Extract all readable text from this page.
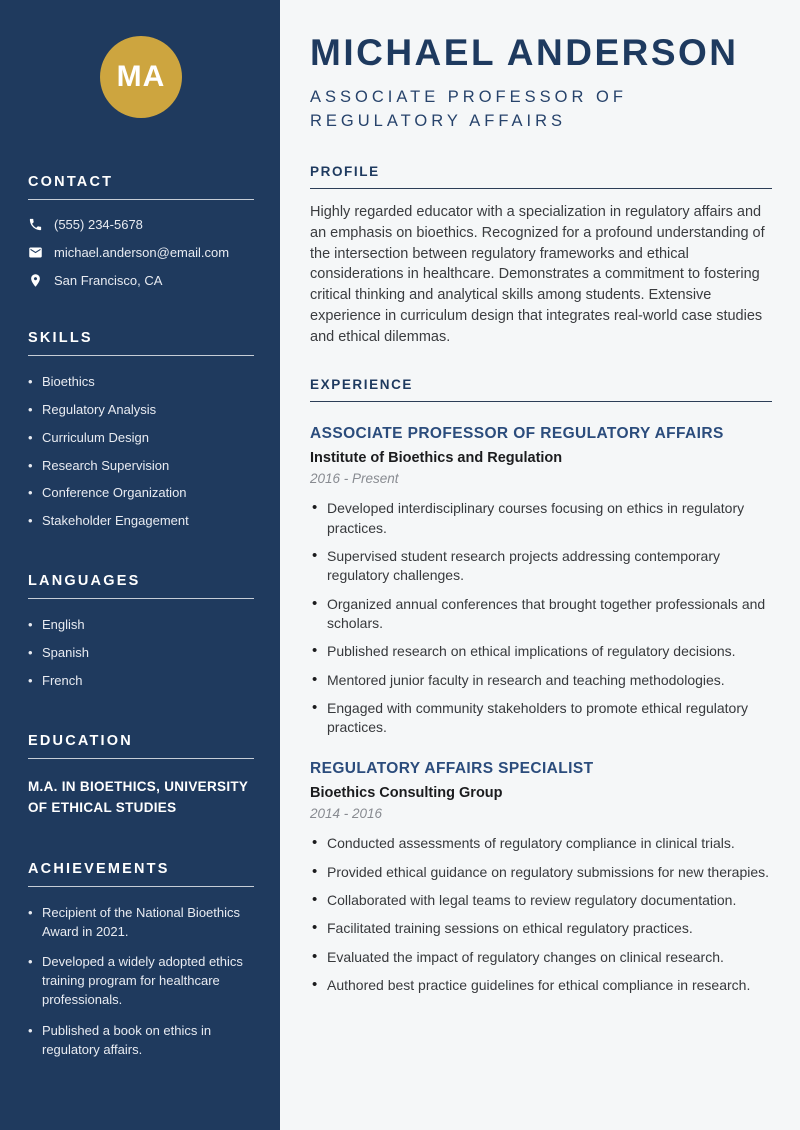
MA
CONTACT
(555) 234-5678
michael.anderson@email.com
San Francisco, CA
SKILLS
• Bioethics
• Regulatory Analysis
• Curriculum Design
• Research Supervision
• Conference Organization
• Stakeholder Engagement
LANGUAGES
• English
• Spanish
• French
EDUCATION
M.A. IN BIOETHICS, UNIVERSITY OF ETHICAL STUDIES
ACHIEVEMENTS
• Recipient of the National Bioethics Award in 2021.
• Developed a widely adopted ethics training program for healthcare professionals.
• Published a book on ethics in regulatory affairs.
MICHAEL ANDERSON
ASSOCIATE PROFESSOR OF REGULATORY AFFAIRS
PROFILE

Highly regarded educator with a specialization in regulatory affairs and an emphasis on bioethics. Recognized for a profound understanding of the intersection between regulatory frameworks and ethical considerations in healthcare. Demonstrates a commitment to fostering critical thinking and analytical skills among students. Extensive experience in curriculum design that integrates real-world case studies and ethical dilemmas.

EXPERIENCE
ASSOCIATE PROFESSOR OF REGULATORY AFFAIRS
Institute of Bioethics and Regulation
2016 - Present
• Developed interdisciplinary courses focusing on ethics in regulatory practices.
• Supervised student research projects addressing contemporary regulatory challenges.
• Organized annual conferences that brought together professionals and scholars.
• Published research on ethical implications of regulatory decisions.
• Mentored junior faculty in research and teaching methodologies.
• Engaged with community stakeholders to promote ethical regulatory practices.
REGULATORY AFFAIRS SPECIALIST
Bioethics Consulting Group
2014 - 2016
• Conducted assessments of regulatory compliance in clinical trials.
• Provided ethical guidance on regulatory submissions for new therapies.
• Collaborated with legal teams to review regulatory documentation.
• Facilitated training sessions on ethical regulatory practices.
• Evaluated the impact of regulatory changes on clinical research.
• Authored best practice guidelines for ethical compliance in research.
